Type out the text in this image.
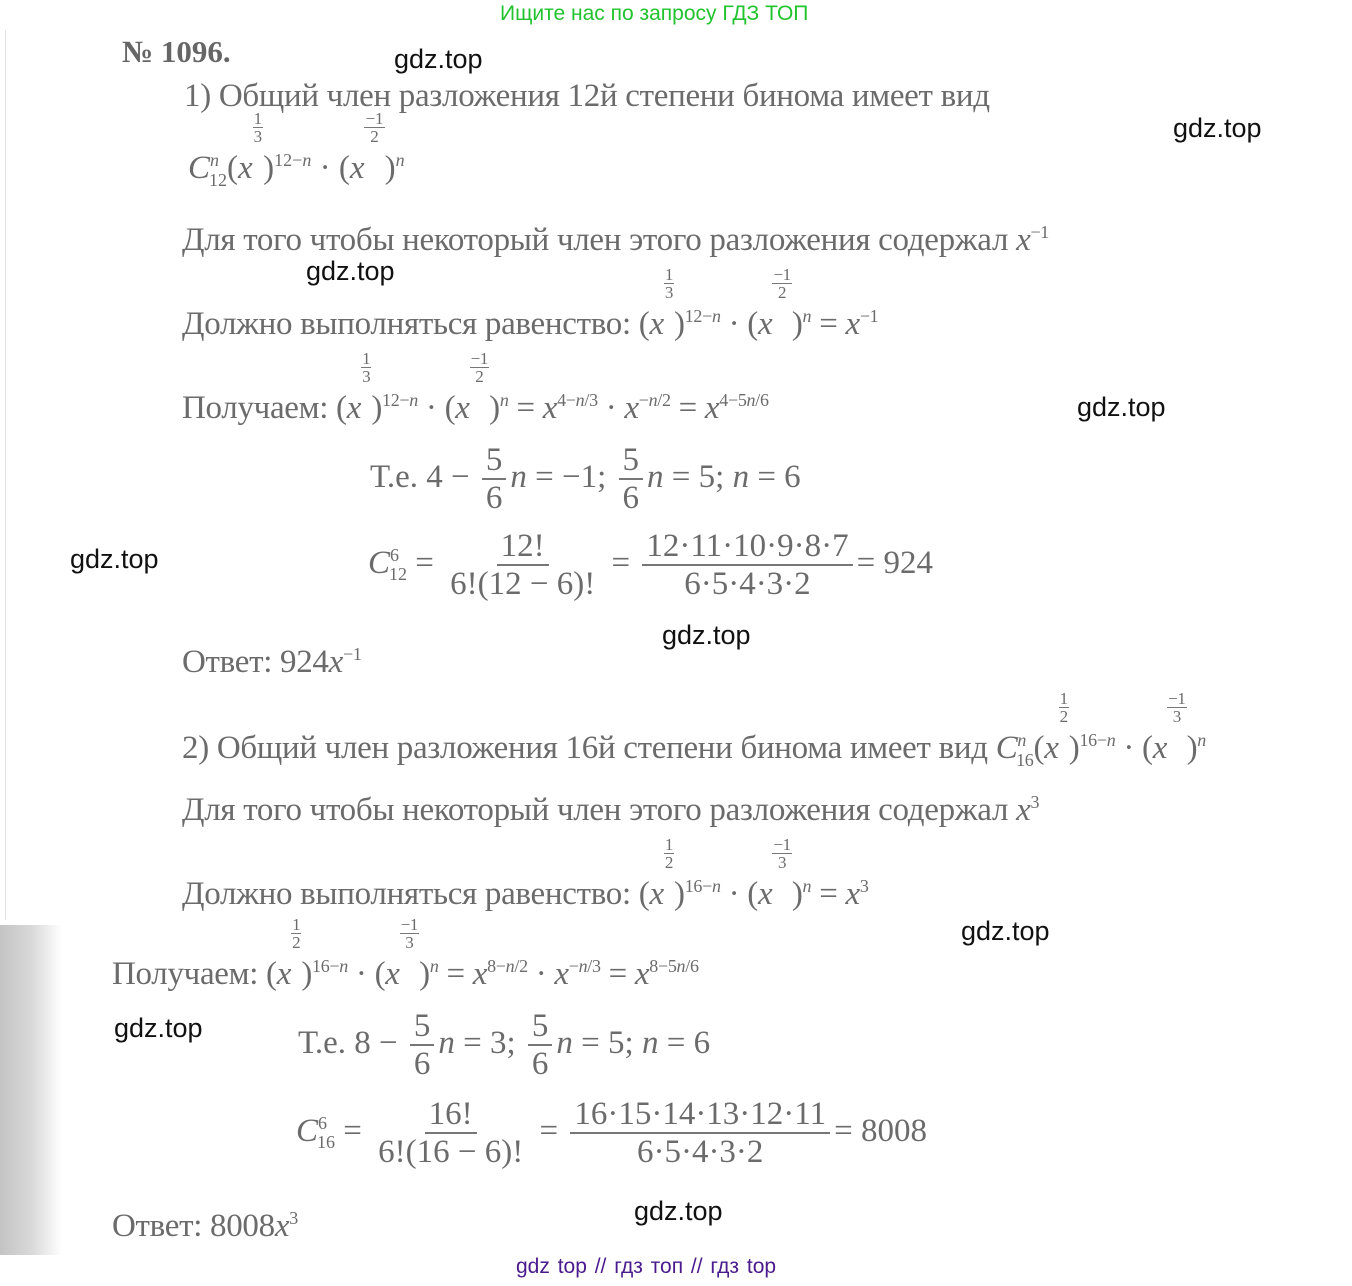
Ищите нас по запросу ГДЗ ТОП
№ 1096.	gdz.top
gdz.top
gdz.top
gdz.top
gdz.top
gdz.top
gdz.top
gdz.top
gdz.top
1) Общий член разложения 12й степени бинома имеет вид
$C^n_{12}(x$
$\frac{1}{3}$
)$^{12-n}$ · (x
$\frac{-1}{2}$
)$^n$
Для того чтобы некоторый член этого разложения содержал $x^{-1}$
Должно выполняться равенство: (x
$\frac{1}{3}$
)$^{12-n}$ · (x
$\frac{-1}{2}$
)$^n = x^{-1}$
Получаем: (x
$\frac{1}{3}$
)$^{12-n}$ · (x
$\frac{-1}{2}$
)$^n = x^{4-n/3} \cdot x^{-n/2} = x^{4-5n/6}$
Т.е. $4 - \frac{5}{6}$ n = −1; $\frac{5}{6}$ n = 5; n = 6
$C^6_{12} = \frac{12!}{6!(12 - 6)!} = \frac{12\cdot 11\cdot 10\cdot 9\cdot 8\cdot 7}{6\cdot 5\cdot 4\cdot 3\cdot 2} = 924$
Ответ: $924x^{-1}$
2) Общий член разложения 16й степени бинома имеет вид $C^n_{16}(x$
$\frac{1}{2}$
)$^{16-n}$ · (x
$\frac{-1}{3}$
)$^n$
Для того чтобы некоторый член этого разложения содержал $x^3$
Должно выполняться равенство: (x
$\frac{1}{2}$
)$^{16-n}$ · (x
$\frac{-1}{3}$
)$^n = x^3$
Получаем: (x
$\frac{1}{2}$
)$^{16-n}$ · (x
$\frac{-1}{3}$
)$^n = x^{8-n/2} \cdot x^{-n/3} = x^{8-5n/6}$
Т.е. $8 - \frac{5}{6}$ n = 3; $\frac{5}{6}$ n = 5; n = 6
$C^6_{16} = \frac{16!}{6!(16 - 6)!} = \frac{16\cdot 15\cdot 14\cdot 13\cdot 12\cdot 11}{6\cdot 5\cdot 4\cdot 3\cdot 2} = 8008$
Ответ: $8008x^3$
gdz top // гдз топ // гдз top
